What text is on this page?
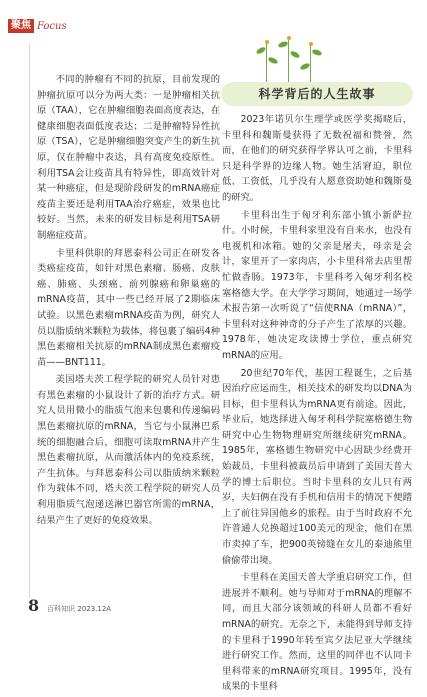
聚焦 Focus

不同的肿瘤有不同的抗原，目前发现的肿瘤抗原可以分为两大类：一是肿瘤相关抗原（TAA），它在肿瘤细胞表面高度表达，在健康细胞表面低度表达；二是肿瘤特异性抗原（TSA），它是肿瘤细胞突变产生的新生抗原，仅在肿瘤中表达，具有高度免疫原性。利用TSA会让疫苗具有特异性，即高效针对某一种癌症，但是现阶段研发的mRNA癌症疫苗主要还是利用TAA治疗癌症，效果也比较好。当然，未来的研发目标是利用TSA研制癌症疫苗。

卡里科供职的拜恩泰科公司正在研发各类癌症疫苗，如针对黑色素瘤、肠癌、皮肤癌、肺癌、头颈癌、前列腺癌和卵巢癌的mRNA疫苗，其中一些已经开展了2期临床试验。以黑色素瘤mRNA疫苗为例，研究人员以脂质纳米颗粒为载体，将包裹了编码4种黑色素瘤相关抗原的mRNA制成黑色素瘤疫苗——BNT111。

美国塔夫茨工程学院的研究人员针对患有黑色素瘤的小鼠设计了新的治疗方式。研究人员用微小的脂质气泡来包裹和传递编码黑色素瘤抗原的mRNA，当它与小鼠淋巴系统的细胞融合后，细胞可读取mRNA并产生黑色素瘤抗原，从而激活体内的免疫系统，产生抗体。与拜恩泰科公司以脂质纳米颗粒作为载体不同，塔夫茨工程学院的研究人员利用脂质气泡递送淋巴器官所需的mRNA，结果产生了更好的免疫效果。

科学背后的人生故事

2023年诺贝尔生理学或医学奖揭晓后，卡里科和魏斯曼获得了无数祝福和赞誉，然而，在他们的研究获得学界认可之前，卡里科只是科学界的边缘人物。她生活窘迫，职位低、工资低，几乎没有人愿意资助她和魏斯曼的研究。

卡里科出生于匈牙利东部小镇小新萨拉什。小时候，卡里科家里没有自来水，也没有电视机和冰箱。她的父亲是屠夫，母亲是会计，家里开了一家肉店，小卡里科常去店里帮忙做香肠。1973年，卡里科考入匈牙利名校塞格德大学。在大学学习期间，她通过一场学术报告第一次听说了“信使RNA（mRNA）”，卡里科对这种神奇的分子产生了浓厚的兴趣。1978年，她决定攻读博士学位，重点研究mRNA的应用。

20世纪70年代，基因工程诞生，之后基因治疗应运而生，相关技术的研发均以DNA为目标，但卡里科认为mRNA更有前途。因此，毕业后，她选择进入匈牙利科学院塞格德生物研究中心生物物理研究所继续研究mRNA。1985年，塞格德生物研究中心因缺少经费开始裁员，卡里科被裁员后申请到了美国天普大学的博士后职位。当时卡里科的女儿只有两岁，夫妇俩在没有手机和信用卡的情况下便踏上了前往异国他乡的旅程。由于当时政府不允许普通人兑换超过100美元的现金，他们在黑市卖掉了车，把900英镑缝在女儿的泰迪熊里偷偷带出境。

卡里科在美国天普大学重启研究工作，但进展并不顺利。她与导师对于mRNA的理解不同，而且大部分该领域的科研人员都不看好mRNA的研究。无奈之下，未能得到导师支持的卡里科于1990年转至宾夕法尼亚大学继续进行研究工作。然而，这里的同伴也不认同卡里科带来的mRNA研究项目。1995年，没有成果的卡里科

8 百科知识 2023.12A
